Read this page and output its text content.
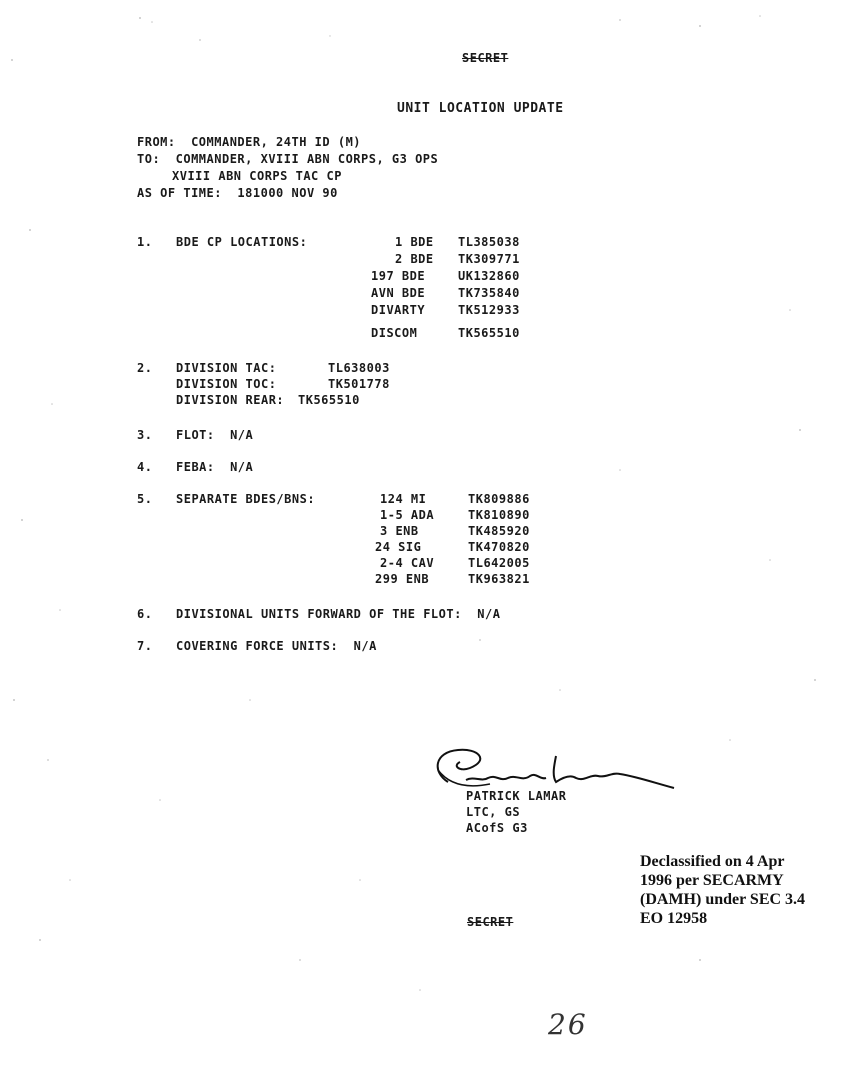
SECRET
UNIT LOCATION UPDATE
FROM:  COMMANDER, 24TH ID (M)
TO:  COMMANDER, XVIII ABN CORPS, G3 OPS
XVIII ABN CORPS TAC CP
AS OF TIME:  181000 NOV 90
1. BDE CP LOCATIONS:	1 BDE TL385038
2 BDE TK309771
197 BDE	UK132860
AVN BDE	TK735840
DIVARTY	TK512933
DISCOM	TK565510
2. DIVISION TAC:	TL638003
DIVISION TOC:	TK501778
DIVISION REAR: TK565510
3. FLOT:  N/A
4. FEBA:  N/A
5. SEPARATE BDES/BNS:	124 MI	TK809886
1-5 ADA	TK810890
3 ENB	TK485920
24 SIG	TK470820
2-4 CAV	TL642005
299 ENB	TK963821
6. DIVISIONAL UNITS FORWARD OF THE FLOT:  N/A
7. COVERING FORCE UNITS:  N/A
PATRICK LAMAR
LTC, GS
ACofS G3
Declassified on 4 Apr
1996 per SECARMY
(DAMH) under SEC 3.4
EO 12958
SECRET
26
